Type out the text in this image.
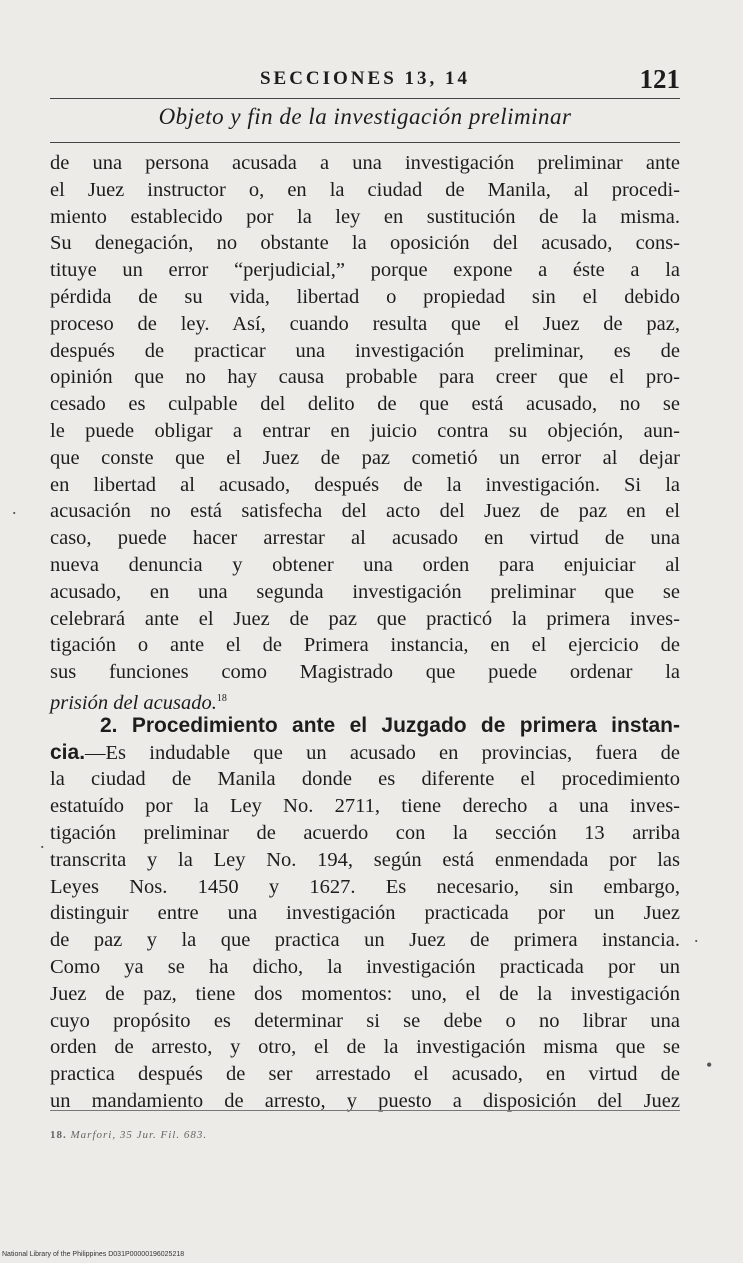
SECCIONES 13, 14	121
Objeto y fin de la investigación preliminar
de una persona acusada a una investigación preliminar ante
el Juez instructor o, en la ciudad de Manila, al procedi-
miento establecido por la ley en sustitución de la misma.
Su denegación, no obstante la oposición del acusado, cons-
tituye un error “perjudicial,” porque expone a éste a la
pérdida de su vida, libertad o propiedad sin el debido
proceso de ley. Así, cuando resulta que el Juez de paz,
después de practicar una investigación preliminar, es de
opinión que no hay causa probable para creer que el pro-
cesado es culpable del delito de que está acusado, no se
le puede obligar a entrar en juicio contra su objeción, aun-
que conste que el Juez de paz cometió un error al dejar
en libertad al acusado, después de la investigación. Si la
acusación no está satisfecha del acto del Juez de paz en el
caso, puede hacer arrestar al acusado en virtud de una
nueva denuncia y obtener una orden para enjuiciar al
acusado, en una segunda investigación preliminar que se
celebrará ante el Juez de paz que practicó la primera inves-
tigación o ante el de Primera instancia, en el ejercicio de
sus funciones como Magistrado que puede ordenar la
prisión del acusado.$^{18}$
2. Procedimiento ante el Juzgado de primera instan-
cia.—Es indudable que un acusado en provincias, fuera de
la ciudad de Manila donde es diferente el procedimiento
estatuído por la Ley No. 2711, tiene derecho a una inves-
tigación preliminar de acuerdo con la sección 13 arriba
transcrita y la Ley No. 194, según está enmendada por las
Leyes Nos. 1450 y 1627. Es necesario, sin embargo,
distinguir entre una investigación practicada por un Juez
de paz y la que practica un Juez de primera instancia.
Como ya se ha dicho, la investigación practicada por un
Juez de paz, tiene dos momentos: uno, el de la investigación
cuyo propósito es determinar si se debe o no librar una
orden de arresto, y otro, el de la investigación misma que se
practica después de ser arrestado el acusado, en virtud de
un mandamiento de arresto, y puesto a disposición del Juez
18. Marfori, 35 Jur. Fil. 683.
.
.
.
•
National Library of the Philippines D031P00000196025218
